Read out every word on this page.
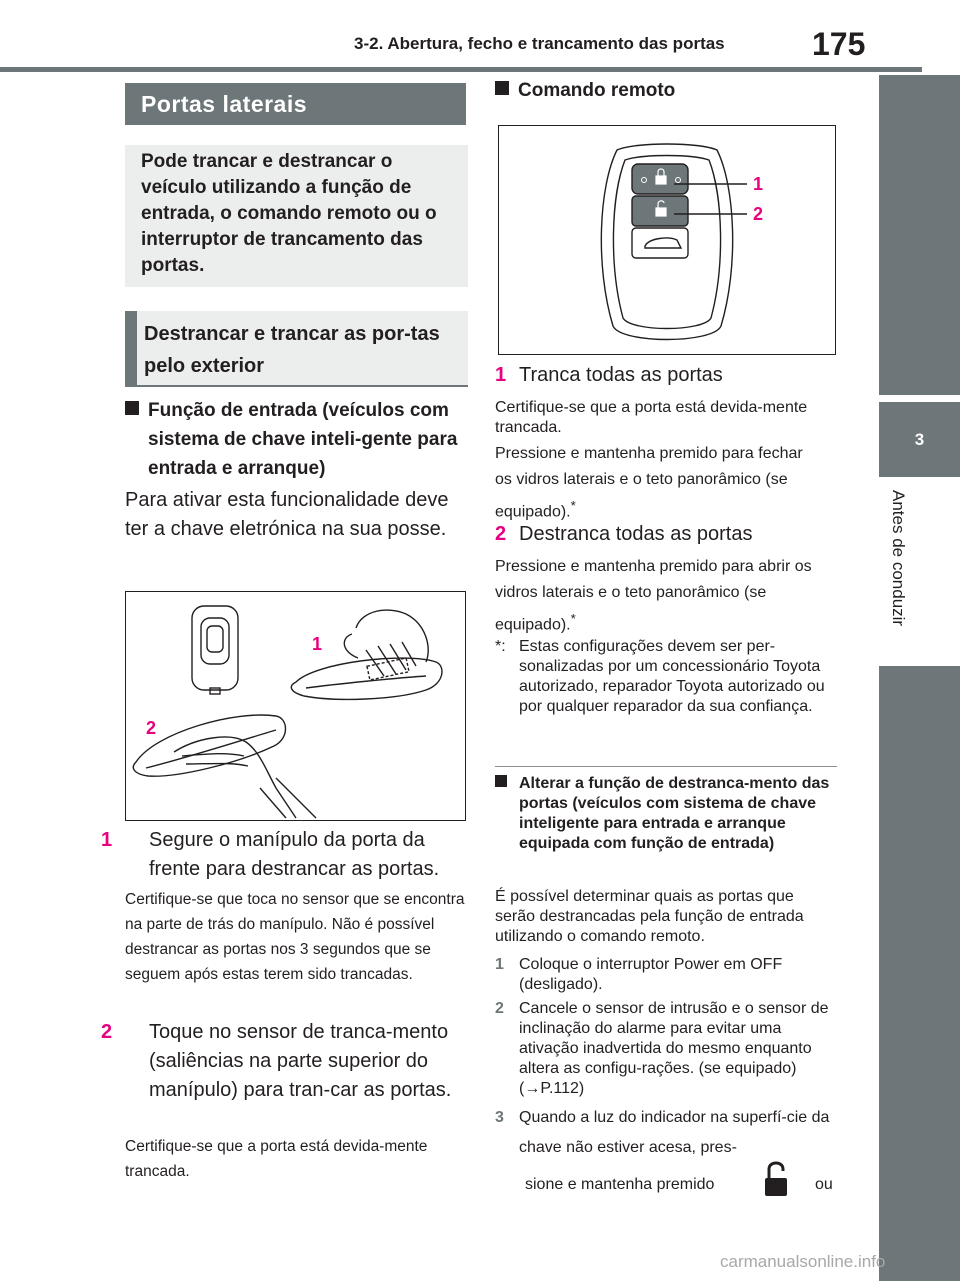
3-2. Abertura, fecho e trancamento das portas	175
3
Antes de conduzir
Portas laterais
Pode trancar e destrancar o veículo utilizando a função de entrada, o comando remoto ou o interruptor de trancamento das portas.
Destrancar e trancar as por-tas pelo exterior
Função de entrada (veículos com sistema de chave inteli-gente para entrada e arranque)
Para ativar esta funcionalidade deve ter a chave eletrónica na sua posse.
1
2
1 Segure o manípulo da porta da frente para destrancar as portas.
Certifique-se que toca no sensor que se encontra na parte de trás do manípulo. Não é possível destrancar as portas nos 3 segundos que se seguem após estas terem sido trancadas.
2 Toque no sensor de tranca-mento (saliências na parte superior do manípulo) para tran-car as portas.
Certifique-se que a porta está devida-mente trancada.
Comando remoto
1
2
1 Tranca todas as portas
Certifique-se que a porta está devida-mente trancada.
Pressione e mantenha premido para fechar os vidros laterais e o teto panorâmico (se equipado).*
2 Destranca todas as portas
Pressione e mantenha premido para abrir os vidros laterais e o teto panorâmico (se equipado).*
*: Estas configurações devem ser per-sonalizadas por um concessionário Toyota autorizado, reparador Toyota autorizado ou por qualquer reparador da sua confiança.
Alterar a função de destranca-mento das portas (veículos com sistema de chave inteligente para entrada e arranque equipada com função de entrada)
É possível determinar quais as portas que serão destrancadas pela função de entrada utilizando o comando remoto.
1 Coloque o interruptor Power em OFF (desligado).
2 Cancele o sensor de intrusão e o sensor de inclinação do alarme para evitar uma ativação inadvertida do mesmo enquanto altera as configu-rações. (se equipado) (→P.112)
3 Quando a luz do indicador na superfí-cie da chave não estiver acesa, pres-
sione e mantenha premido	ou
carmanualsonline.info
